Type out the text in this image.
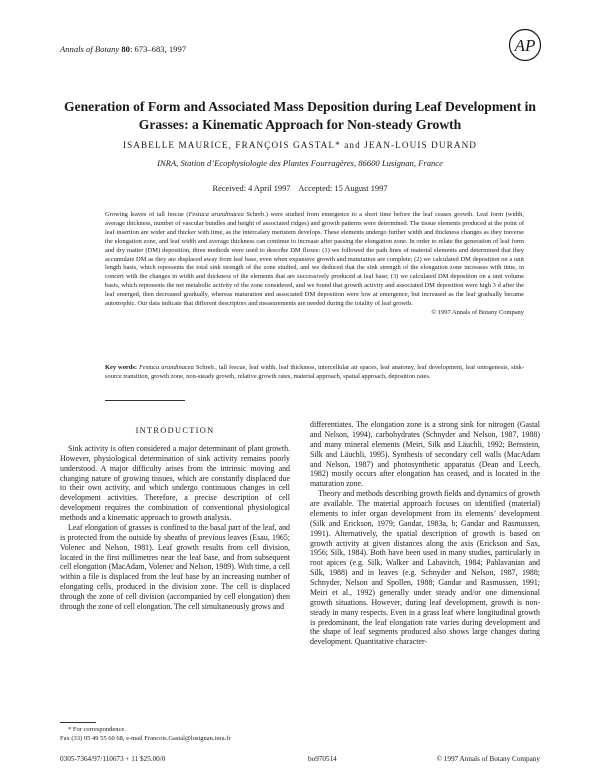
Annals of Botany 80: 673–683, 1997	AP
Generation of Form and Associated Mass Deposition during Leaf Development in
Grasses: a Kinematic Approach for Non-steady Growth
ISABELLE MAURICE, FRANÇOIS GASTAL* and JEAN-LOUIS DURAND
INRA, Station d’Ecophysiologie des Plantes Fourragères, 86600 Lusignan, France
Received: 4 April 1997    Accepted: 15 August 1997
Growing leaves of tall fescue (Festuca arundinacea Schreb.) were studied from emergence to a short time before the leaf ceases growth. Leaf form (width, average thickness, number of vascular bundles and height of associated ridges) and growth patterns were determined. The tissue elements produced at the point of leaf insertion are wider and thicker with time, as the intercalary meristem develops. These elements undergo further width and thickness changes as they traverse the elongation zone, and leaf width and average thickness can continue to increase after passing the elongation zone. In order to relate the generation of leaf form and dry matter (DM) deposition, three methods were used to describe DM fluxes: (1) we followed the path lines of material elements and determined that they accumulate DM as they are displaced away from leaf base, even when expansive growth and maturation are complete; (2) we calculated DM deposition on a unit length basis, which represents the total sink strength of the zone studied, and we deduced that the sink strength of the elongation zone increases with time, in concert with the changes in width and thickness of the elements that are successively produced at leaf base; (3) we calculated DM deposition on a unit volume basis, which represents the net metabolic activity of the zone considered, and we found that growth activity and associated DM deposition were high 3 d after the leaf emerged, then decreased gradually, whereas maturation and associated DM deposition were low at emergence, but increased as the leaf gradually became autotrophic. Our data indicate that different descriptors and measurements are needed during the totality of leaf growth.
© 1997 Annals of Botany Company
Key words: Festuca arundinacea Schreb., tall fescue, leaf width, leaf thickness, intercellular air spaces, leaf anatomy, leaf development, leaf ontogenesis, sink-source transition, growth zone, non-steady growth, relative growth rates, material approach, spatial approach, deposition rates.
INTRODUCTION

Sink activity is often considered a major determinant of plant growth. However, physiological determination of sink activity remains poorly understood. A major difficulty arises from the intrinsic moving and changing nature of growing tissues, which are constantly displaced due to their own activity, and which undergo continuous changes in cell development activities. Therefore, a precise description of cell development requires the combination of conventional physiological methods and a kinematic approach to growth analysis.

Leaf elongation of grasses is confined to the basal part of the leaf, and is protected from the outside by sheaths of previous leaves (Esau, 1965; Volenec and Nelson, 1981). Leaf growth results from cell division, located in the first millimetres near the leaf base, and from subsequent cell elongation (MacAdam, Volenec and Nelson, 1989). With time, a cell within a file is displaced from the leaf base by an increasing number of elongating cells, produced in the division zone. The cell is displaced through the zone of cell division (accompanied by cell elongation) then through the zone of cell elongation. The cell simultaneously grows and

differentiates. The elongation zone is a strong sink for nitrogen (Gastal and Nelson, 1994), carbohydrates (Schnyder and Nelson, 1987, 1988) and many mineral elements (Meiri, Silk and Läuchli, 1992; Bernstein, Silk and Läuchli, 1995). Synthesis of secondary cell walls (MacAdam and Nelson, 1987) and photosynthetic apparatus (Dean and Leech, 1982) mostly occurs after elongation has ceased, and is located in the maturation zone.

Theory and methods describing growth fields and dynamics of growth are available. The material approach focuses on identified (material) elements to infer organ development from its elements’ development (Silk and Erickson, 1979; Gandar, 1983a, b; Gandar and Rasmussen, 1991). Alternatively, the spatial description of growth is based on growth activity at given distances along the axis (Erickson and Sax, 1956; Silk, 1984). Both have been used in many studies, particularly in root apices (e.g. Silk, Walker and Labavitch, 1984; Pahlavanian and Silk, 1988) and in leaves (e.g. Schnyder and Nelson, 1987, 1988; Schnyder, Nelson and Spollen, 1988; Gandar and Rasmussen, 1991; Meiri et al., 1992) generally under steady and/or one dimensional growth situations. However, during leaf development, growth is non-steady in many respects. Even in a grass leaf where longitudinal growth is predominant, the leaf elongation rate varies during development and the shape of leaf segments produced also shows large changes during development. Quantitative character-

* For correspondence.
Fax (33) 05 49 55 60 68, e-mail Francois.Gastal@lusignan.inra.fr
0305-7364/97/110673 + 11 $25.00/0	bo970514	© 1997 Annals of Botany Company
